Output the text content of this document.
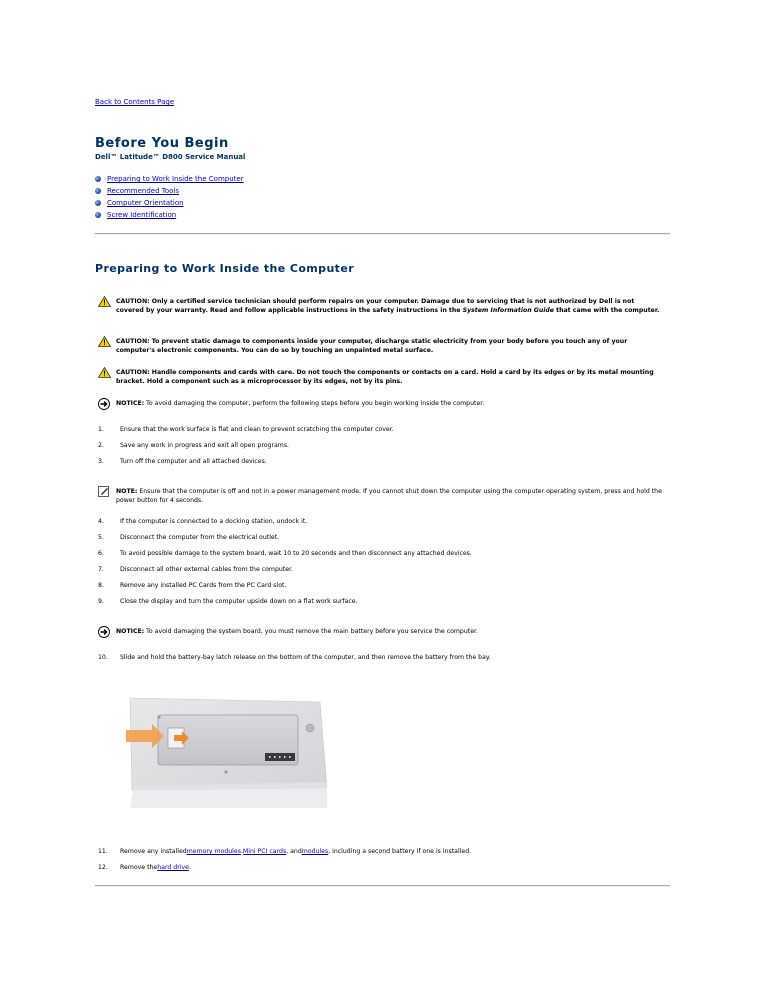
Back to Contents Page
Before You Begin
Dell™ Latitude™ D800 Service Manual
Preparing to Work Inside the Computer
Recommended Tools
Computer Orientation
Screw Identification
Preparing to Work Inside the Computer
CAUTION: Only a certified service technician should perform repairs on your computer. Damage due to servicing that is not authorized by Dell is not covered by your warranty. Read and follow applicable instructions in the safety instructions in the System Information Guide that came with the computer.
CAUTION: To prevent static damage to components inside your computer, discharge static electricity from your body before you touch any of your computer's electronic components. You can do so by touching an unpainted metal surface.
CAUTION: Handle components and cards with care. Do not touch the components or contacts on a card. Hold a card by its edges or by its metal mounting bracket. Hold a component such as a microprocessor by its edges, not by its pins.
NOTICE: To avoid damaging the computer, perform the following steps before you begin working inside the computer.
1.	Ensure that the work surface is flat and clean to prevent scratching the computer cover.
2.	Save any work in progress and exit all open programs.
3.	Turn off the computer and all attached devices.
NOTE: Ensure that the computer is off and not in a power management mode. If you cannot shut down the computer using the computer operating system, press and hold the power button for 4 seconds.
4.	If the computer is connected to a docking station, undock it.
5.	Disconnect the computer from the electrical outlet.
6.	To avoid possible damage to the system board, wait 10 to 20 seconds and then disconnect any attached devices.
7.	Disconnect all other external cables from the computer.
8.	Remove any installed PC Cards from the PC Card slot.
9.	Close the display and turn the computer upside down on a flat work surface.
NOTICE: To avoid damaging the system board, you must remove the main battery before you service the computer.
10.	Slide and hold the battery-bay latch release on the bottom of the computer, and then remove the battery from the bay.
11.	Remove any installed memory modules , Mini PCI cards , and modules , including a second battery if one is installed.
12.	Remove the hard drive .
